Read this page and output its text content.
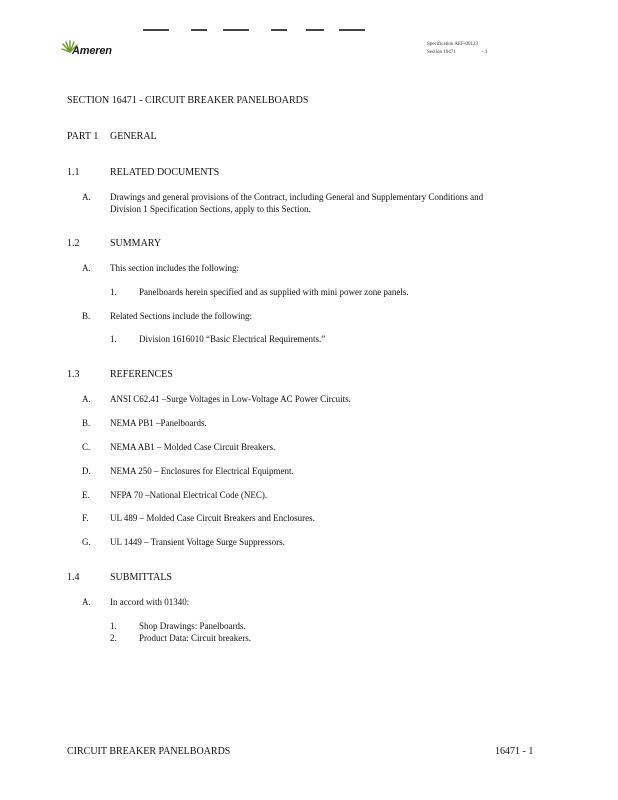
Ameren
Specification AEF-00123
Section 16471	- 1
SECTION 16471 - CIRCUIT BREAKER PANELBOARDS
PART 1 GENERAL
1.1	RELATED DOCUMENTS
A. Drawings and general provisions of the Contract, including General and Supplementary Conditions and
Division 1 Specification Sections, apply to this Section.
1.2	SUMMARY
A. This section includes the following:
1. Panelboards herein specified and as supplied with mini power zone panels.
B. Related Sections include the following:
1. Division 1616010 “Basic Electrical Requirements.”
1.3	REFERENCES
A. ANSI C62.41 –Surge Voltages in Low-Voltage AC Power Circuits.
B. NEMA PB1 –Panelboards.
C. NEMA AB1 – Molded Case Circuit Breakers.
D. NEMA 250 – Enclosures for Electrical Equipment.
E. NFPA 70 –National Electrical Code (NEC).
F. UL 489 – Molded Case Circuit Breakers and Enclosures.
G. UL 1449 – Transient Voltage Surge Suppressors.
1.4	SUBMITTALS
A. In accord with 01340:
1. Shop Drawings: Panelboards.
2. Product Data: Circuit breakers.
CIRCUIT BREAKER PANELBOARDS	16471 - 1
